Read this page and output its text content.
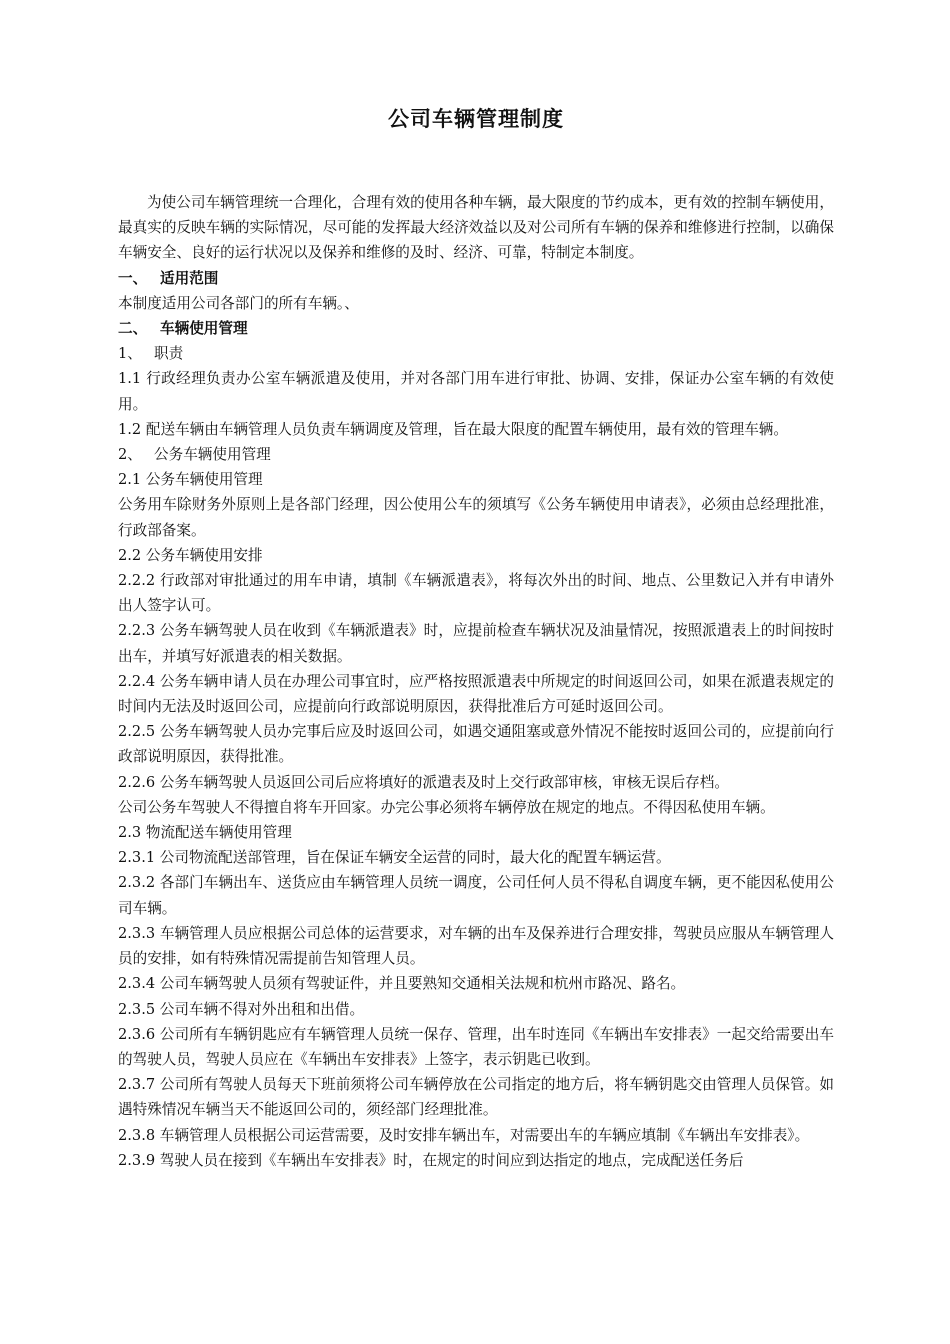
公司车辆管理制度

为使公司车辆管理统一合理化，合理有效的使用各种车辆，最大限度的节约成本，更有效的控制车辆使用，最真实的反映车辆的实际情况，尽可能的发挥最大经济效益以及对公司所有车辆的保养和维修进行控制，以确保车辆安全、良好的运行状况以及保养和维修的及时、经济、可靠，特制定本制度。

一、 适用范围

本制度适用公司各部门的所有车辆。、

二、 车辆使用管理

1、 职责

1.1 行政经理负责办公室车辆派遣及使用，并对各部门用车进行审批、协调、安排，保证办公室车辆的有效使用。

1.2 配送车辆由车辆管理人员负责车辆调度及管理，旨在最大限度的配置车辆使用，最有效的管理车辆。

2、 公务车辆使用管理

2.1 公务车辆使用管理

公务用车除财务外原则上是各部门经理，因公使用公车的须填写《公务车辆使用申请表》，必须由总经理批准，行政部备案。

2.2 公务车辆使用安排

2.2.2 行政部对审批通过的用车申请，填制《车辆派遣表》，将每次外出的时间、地点、公里数记入并有申请外出人签字认可。

2.2.3 公务车辆驾驶人员在收到《车辆派遣表》时，应提前检查车辆状况及油量情况，按照派遣表上的时间按时出车，并填写好派遣表的相关数据。

2.2.4 公务车辆申请人员在办理公司事宜时，应严格按照派遣表中所规定的时间返回公司，如果在派遣表规定的时间内无法及时返回公司，应提前向行政部说明原因，获得批准后方可延时返回公司。

2.2.5 公务车辆驾驶人员办完事后应及时返回公司，如遇交通阻塞或意外情况不能按时返回公司的，应提前向行政部说明原因，获得批准。

2.2.6 公务车辆驾驶人员返回公司后应将填好的派遣表及时上交行政部审核，审核无误后存档。

公司公务车驾驶人不得擅自将车开回家。办完公事必须将车辆停放在规定的地点。不得因私使用车辆。

2.3 物流配送车辆使用管理

2.3.1 公司物流配送部管理，旨在保证车辆安全运营的同时，最大化的配置车辆运营。

2.3.2 各部门车辆出车、送货应由车辆管理人员统一调度，公司任何人员不得私自调度车辆，更不能因私使用公司车辆。

2.3.3 车辆管理人员应根据公司总体的运营要求，对车辆的出车及保养进行合理安排，驾驶员应服从车辆管理人员的安排，如有特殊情况需提前告知管理人员。

2.3.4 公司车辆驾驶人员须有驾驶证件，并且要熟知交通相关法规和杭州市路况、路名。

2.3.5 公司车辆不得对外出租和出借。

2.3.6 公司所有车辆钥匙应有车辆管理人员统一保存、管理，出车时连同《车辆出车安排表》一起交给需要出车的驾驶人员，驾驶人员应在《车辆出车安排表》上签字，表示钥匙已收到。

2.3.7 公司所有驾驶人员每天下班前须将公司车辆停放在公司指定的地方后，将车辆钥匙交由管理人员保管。如遇特殊情况车辆当天不能返回公司的，须经部门经理批准。

2.3.8 车辆管理人员根据公司运营需要，及时安排车辆出车，对需要出车的车辆应填制《车辆出车安排表》。

2.3.9 驾驶人员在接到《车辆出车安排表》时，在规定的时间应到达指定的地点，完成配送任务后
